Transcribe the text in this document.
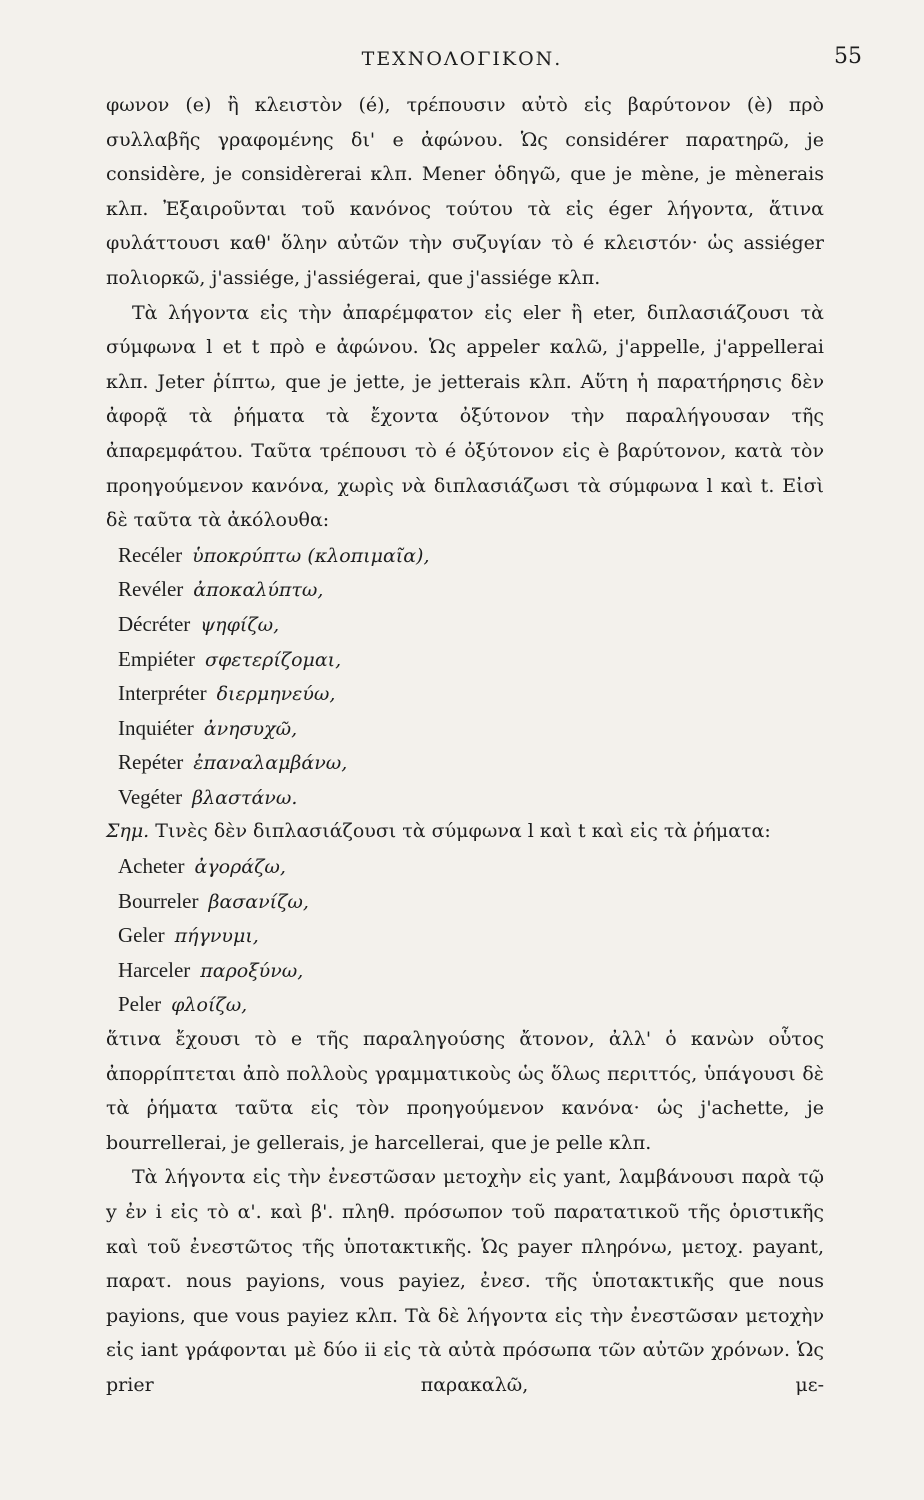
ΤΕΧΝΟΛΟΓΙΚΟΝ.	55

φωνον (e) ἢ κλειστὸν (é), τρέπουσιν αὐτὸ εἰς βαρύτονον (è) πρὸ συλλαβῆς γραφομένης δι' e ἀφώνου. Ὡς considérer παρατηρῶ, je considère, je considèrerai κλπ. Mener ὁδηγῶ, que je mène, je mènerais κλπ. Ἐξαιροῦνται τοῦ κανόνος τούτου τὰ εἰς éger λήγοντα, ἅτινα φυλάττουσι καθ' ὅλην αὐτῶν τὴν συζυγίαν τὸ é κλειστόν· ὡς assiéger πολιορκῶ, j'assiége, j'assiégerai, que j'assiége κλπ.

Τὰ λήγοντα εἰς τὴν ἀπαρέμφατον εἰς eler ἢ eter, διπλασιάζουσι τὰ σύμφωνα l et t πρὸ e ἀφώνου. Ὡς appeler καλῶ, j'appelle, j'appellerai κλπ. Jeter ῥίπτω, que je jette, je jetterais κλπ. Αὕτη ἡ παρατήρησις δὲν ἀφορᾷ τὰ ῥήματα τὰ ἔχοντα ὀξύτονον τὴν παραλήγουσαν τῆς ἀπαρεμφάτου. Ταῦτα τρέπουσι τὸ é ὀξύτονον εἰς è βαρύτονον, κατὰ τὸν προηγούμενον κανόνα, χωρὶς νὰ διπλασιάζωσι τὰ σύμφωνα l καὶ t. Εἰσὶ δὲ ταῦτα τὰ ἀκόλουθα:

Recéler ὑποκρύπτω (κλοπιμαῖα),
Revéler ἀποκαλύπτω,
Décréter ψηφίζω,
Empiéter σφετερίζομαι,
Interpréter διερμηνεύω,
Inquiéter ἀνησυχῶ,
Repéter ἐπαναλαμβάνω,
Vegéter βλαστάνω.

Σημ. Τινὲς δὲν διπλασιάζουσι τὰ σύμφωνα l καὶ t καὶ εἰς τὰ ῥήματα:

Acheter ἀγοράζω,
Bourreler βασανίζω,
Geler πήγνυμι,
Harceler παροξύνω,
Peler φλοίζω,

ἅτινα ἔχουσι τὸ e τῆς παραληγούσης ἄτονον, ἀλλ' ὁ κανὼν οὗτος ἀπορρίπτεται ἀπὸ πολλοὺς γραμματικοὺς ὡς ὅλως περιττός, ὑπάγουσι δὲ τὰ ῥήματα ταῦτα εἰς τὸν προηγούμενον κανόνα· ὡς j'achette, je bourrellerai, je gellerais, je harcellerai, que je pelle κλπ.

Τὰ λήγοντα εἰς τὴν ἐνεστῶσαν μετοχὴν εἰς yant, λαμβάνουσι παρὰ τῷ y ἐν i εἰς τὸ α'. καὶ β'. πληθ. πρόσωπον τοῦ παρατατικοῦ τῆς ὁριστικῆς καὶ τοῦ ἐνεστῶτος τῆς ὑποτακτικῆς. Ὡς payer πληρόνω, μετοχ. payant, παρατ. nous payions, vous payiez, ἐνεσ. τῆς ὑποτακτικῆς que nous payions, que vous payiez κλπ. Τὰ δὲ λήγοντα εἰς τὴν ἐνεστῶσαν μετοχὴν εἰς iant γράφονται μὲ δύο ii εἰς τὰ αὐτὰ πρόσωπα τῶν αὐτῶν χρόνων. Ὡς prier παρακαλῶ, με-
